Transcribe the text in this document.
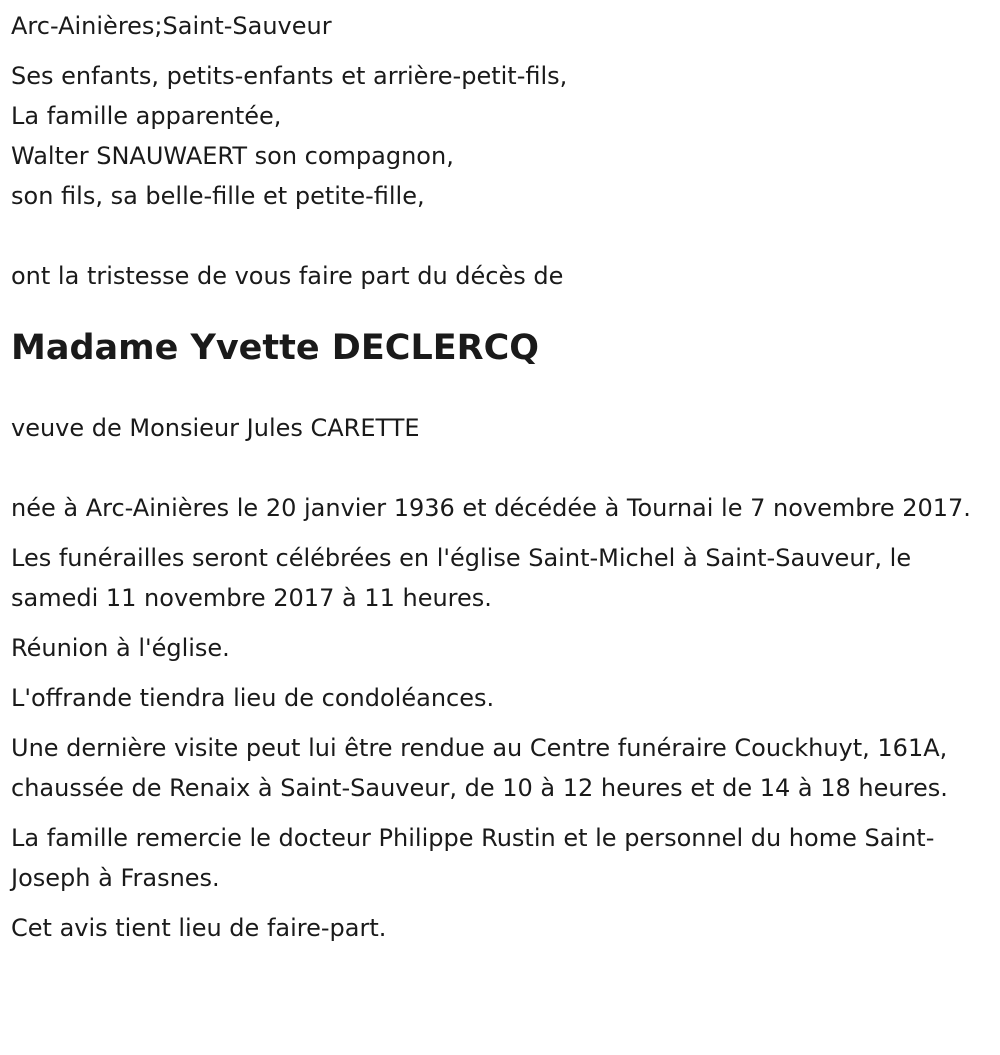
Arc-Ainières;Saint-Sauveur
Ses enfants, petits-enfants et arrière-petit-fils,
La famille apparentée,
Walter SNAUWAERT son compagnon,
son fils, sa belle-fille et petite-fille,
ont la tristesse de vous faire part du décès de
Madame Yvette DECLERCQ
veuve de Monsieur Jules CARETTE
née à Arc-Ainières le 20 janvier 1936 et décédée à Tournai le 7 novembre 2017.
Les funérailles seront célébrées en l'église Saint-Michel à Saint-Sauveur, le samedi 11 novembre 2017 à 11 heures.
Réunion à l'église.
L'offrande tiendra lieu de condoléances.
Une dernière visite peut lui être rendue au Centre funéraire Couckhuyt, 161A, chaussée de Renaix à Saint-Sauveur, de 10 à 12 heures et de 14 à 18 heures.
La famille remercie le docteur Philippe Rustin et le personnel du home Saint-Joseph à Frasnes.
Cet avis tient lieu de faire-part.
